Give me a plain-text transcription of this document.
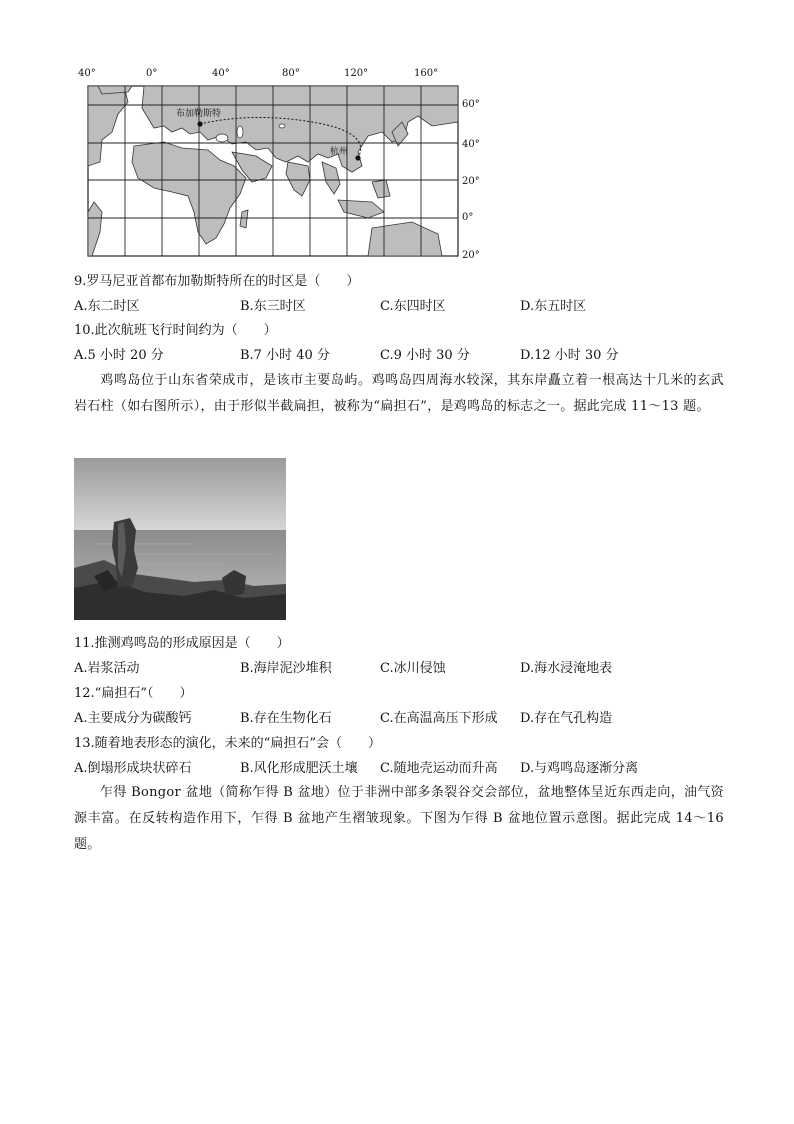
布加勒斯特
杭州
40°	0°	40°	80°	120°	160°
60°
40°
20°
0°
20°
9.罗马尼亚首都布加勒斯特所在的时区是（　　）
A.东二时区	B.东三时区	C.东四时区	D.东五时区
10.此次航班飞行时间约为（　　）
A.5 小时 20 分	B.7 小时 40 分	C.9 小时 30 分	D.12 小时 30 分
鸡鸣岛位于山东省荣成市，是该市主要岛屿。鸡鸣岛四周海水较深，其东岸矗立着一根高达十几米的玄武岩石柱（如右图所示），由于形似半截扁担，被称为“扁担石”，是鸡鸣岛的标志之一。据此完成 11～13 题。
11.推测鸡鸣岛的形成原因是（　　）
A.岩浆活动	B.海岸泥沙堆积	C.冰川侵蚀	D.海水浸淹地表
12.“扁担石”（　　）
A.主要成分为碳酸钙	B.存在生物化石	C.在高温高压下形成 D.存在气孔构造
13.随着地表形态的演化，未来的“扁担石”会（　　）
A.倒塌形成块状碎石	B.风化形成肥沃土壤 C.随地壳运动而升高 D.与鸡鸣岛逐渐分离
乍得 Bongor 盆地（简称乍得 B 盆地）位于非洲中部多条裂谷交会部位，盆地整体呈近东西走向，油气资源丰富。在反转构造作用下，乍得 B 盆地产生褶皱现象。下图为乍得 B 盆地位置示意图。据此完成 14～16 题。
